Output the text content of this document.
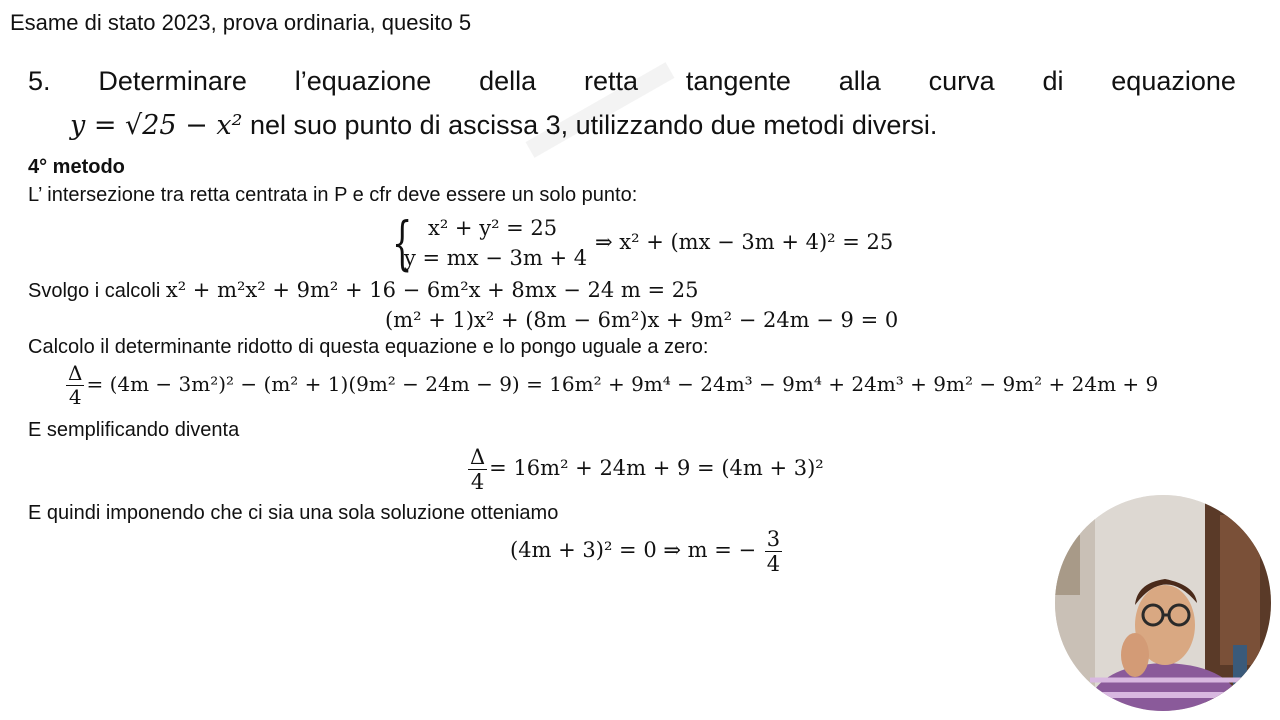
Esame di stato 2023, prova ordinaria, quesito 5
5. Determinare l’equazione della retta tangente alla curva di equazione
y = √25 − x² nel suo punto di ascissa 3, utilizzando due metodi diversi.
4° metodo
L’ intersezione tra retta centrata in P e cfr deve essere un solo punto:
{ x² + y² = 25
y = mx − 3m + 4
⇒ x² + (mx − 3m + 4)² = 25
Svolgo i calcoli x² + m²x² + 9m² + 16 − 6m²x + 8mx − 24 m = 25
(m² + 1)x² + (8m − 6m²)x + 9m² − 24m − 9 = 0
Calcolo il determinante ridotto di questa equazione e lo pongo uguale a zero:
$\frac{\Delta}{4} = (4m - 3m^2)^2 - (m^2 + 1)(9m^2 - 24m - 9) = 16m^2 + 9m^4 - 24m^3 - 9m^4 + 24m^3 + 9m^2 - 9m^2 + 24m + 9$
E semplificando diventa
$\frac{\Delta}{4} = 16m^2 + 24m + 9 = (4m + 3)^2$
E quindi imponendo che ci sia una sola soluzione otteniamo
(4m + 3)² = 0 ⇒ m = − $\frac{3}{4}$
